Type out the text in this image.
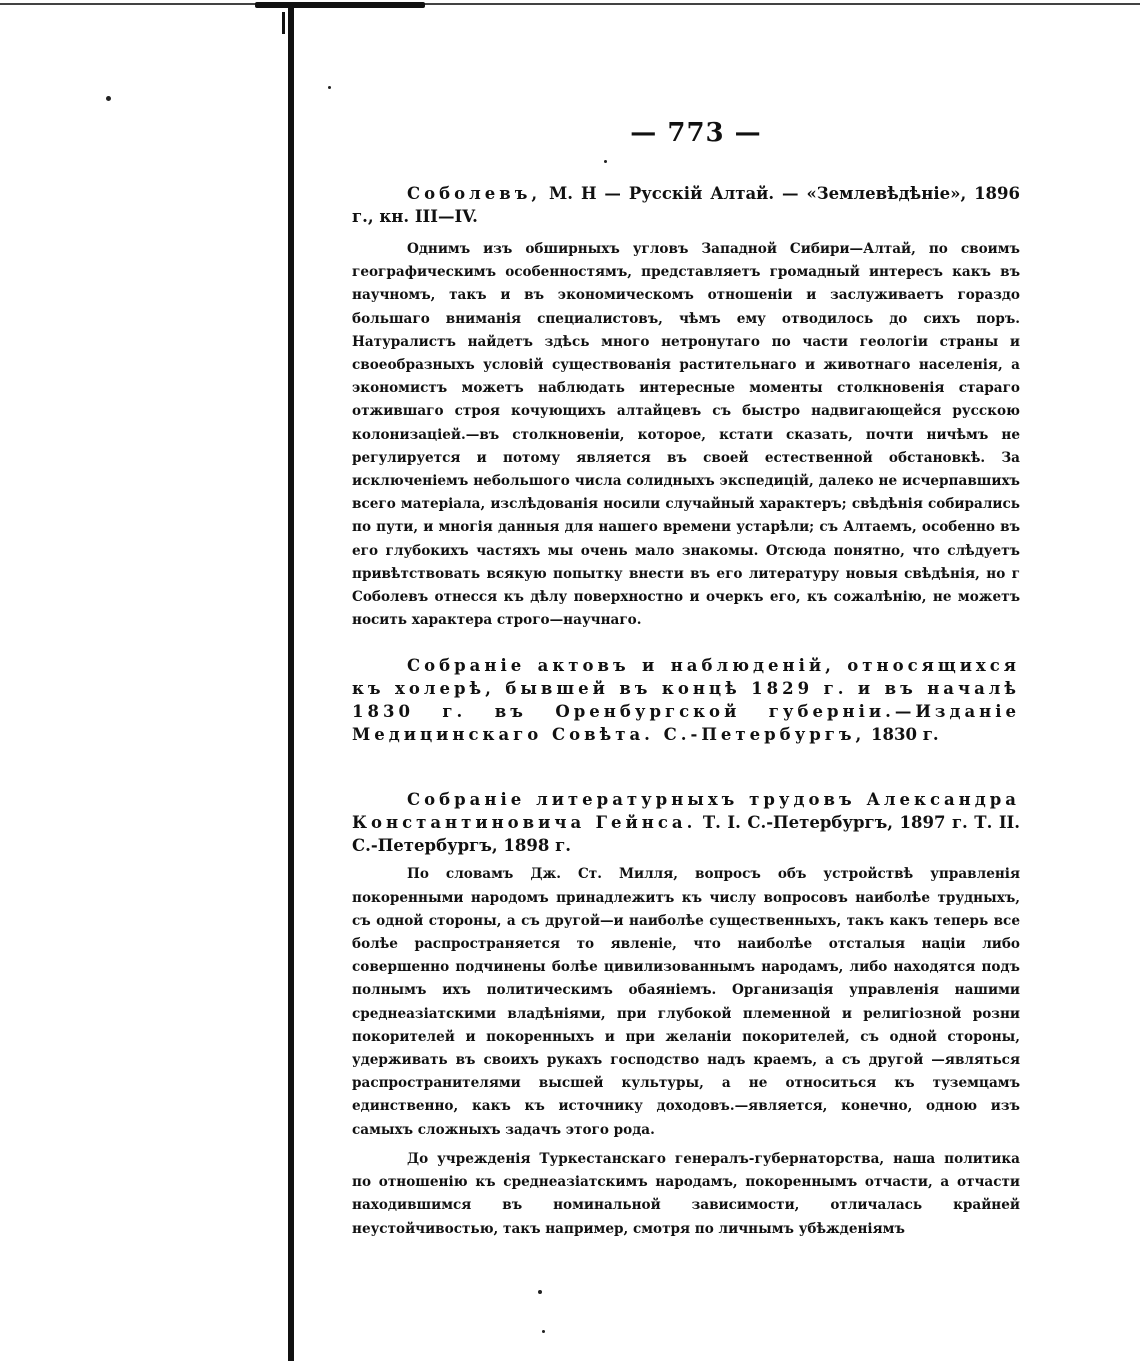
— 773 —

Соболевъ, М. Н — Русскій Алтай. — «Землевѣдѣніе», 1896 г., кн. III—IV.

Однимъ изъ обширныхъ угловъ Западной Сибири—Алтай, по своимъ географическимъ особенностямъ, представляетъ громадный интересъ какъ въ научномъ, такъ и въ экономическомъ отношеніи и заслуживаетъ гораздо большаго вниманія специалистовъ, чѣмъ ему отводилось до сихъ поръ. Натуралистъ найдетъ здѣсь много нетронутаго по части геологіи страны и своеобразныхъ условій существованія растительнаго и животнаго населенія, а экономистъ можетъ наблюдать интересные моменты столкновенія стараго отжившаго строя кочующихъ алтайцевъ съ быстро надвигающейся русскою колонизаціей.—въ столкновеніи, которое, кстати сказать, почти ничѣмъ не регулируется и потому является въ своей естественной обстановкѣ. За исключеніемъ небольшого числа солидныхъ экспедицій, далеко не исчерпавшихъ всего матеріала, изслѣдованія носили случайный характеръ; свѣдѣнія собирались по пути, и многія данныя для нашего времени устарѣли; съ Алтаемъ, особенно въ его глубокихъ частяхъ мы очень мало знакомы. Отсюда понятно, что слѣдуетъ привѣтствовать всякую попытку внести въ его литературу новыя свѣдѣнія, но г Соболевъ отнесся къ дѣлу поверхностно и очеркъ его, къ сожалѣнію, не можетъ носить характера строго—научнаго.

Собраніе актовъ и наблюденій, относящихся къ холерѣ, бывшей въ концѣ 1829 г. и въ началѣ 1830 г. въ Оренбургской губерніи.—Изданіе Медицинскаго Совѣта. С.-Петербургъ, 1830 г.

Собраніе литературныхъ трудовъ Александра Константиновича Гейнса. Т. I. С.-Петербургъ, 1897 г. Т. II. С.-Петербургъ, 1898 г.

По словамъ Дж. Ст. Милля, вопросъ объ устройствѣ управленія покоренными народомъ принадлежитъ къ числу вопросовъ наиболѣе трудныхъ, съ одной стороны, а съ другой—и наиболѣе существенныхъ, такъ какъ теперь все болѣе распространяется то явленіе, что наиболѣе отсталыя націи либо совершенно подчинены болѣе цивилизованнымъ народамъ, либо находятся подъ полнымъ ихъ политическимъ обаяніемъ. Организація управленія нашими среднеазіатскими владѣніями, при глубокой племенной и религіозной розни покорителей и покоренныхъ и при желаніи покорителей, съ одной стороны, удерживать въ своихъ рукахъ господство надъ краемъ, а съ другой —являться распространителями высшей культуры, а не относиться къ туземцамъ единственно, какъ къ источнику доходовъ.—является, конечно, одною изъ самыхъ сложныхъ задачъ этого рода.

До учрежденія Туркестанскаго генералъ-губернаторства, наша политика по отношенію къ среднеазіатскимъ народамъ, покореннымъ отчасти, а отчасти находившимся въ номинальной зависимости, отличалась крайней неустойчивостью, такъ например, смотря по личнымъ убѣжденіямъ
